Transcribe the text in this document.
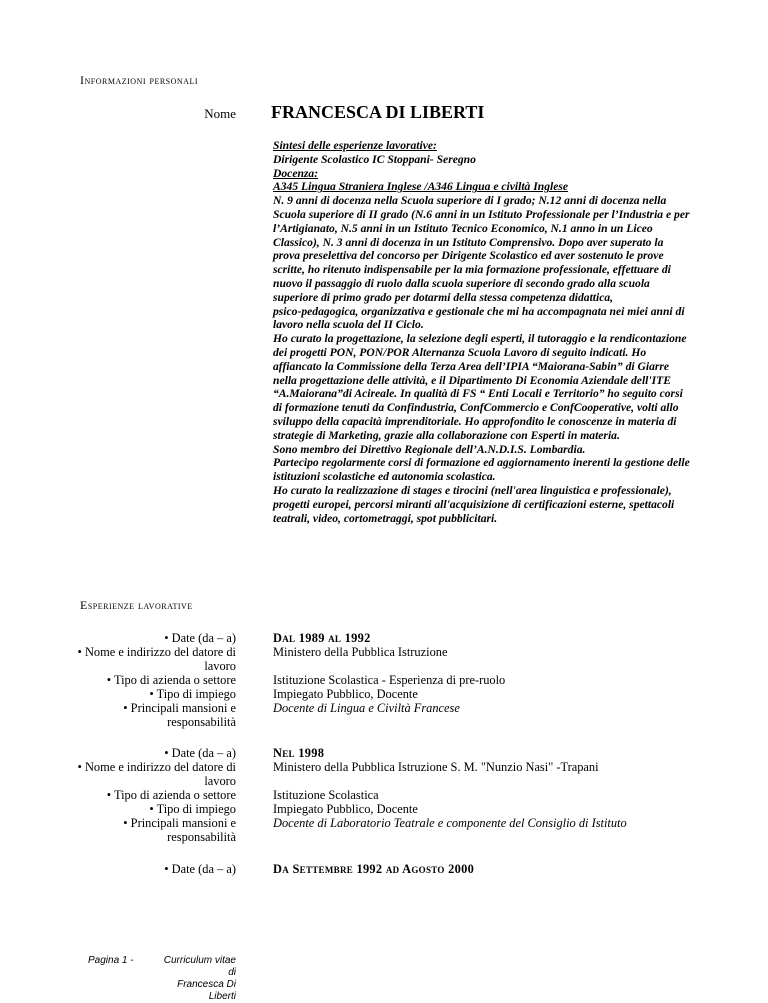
Informazioni personali
Nome FRANCESCA DI LIBERTI
Sintesi delle esperienze lavorative:
Dirigente Scolastico IC Stoppani- Seregno
Docenza:
A345 Lingua Straniera Inglese /A346 Lingua e civiltà Inglese
N. 9 anni di docenza nella Scuola superiore di I grado; N.12 anni di docenza nella
Scuola superiore di II grado (N.6 anni in un Istituto Professionale per l’Industria e per
l’Artigianato, N.5 anni in un Istituto Tecnico Economico, N.1 anno in un Liceo
Classico), N. 3 anni di docenza in un Istituto Comprensivo. Dopo aver superato la
prova preselettiva del concorso per Dirigente Scolastico ed aver sostenuto le prove
scritte, ho ritenuto indispensabile per la mia formazione professionale, effettuare di
nuovo il passaggio di ruolo dalla scuola superiore di secondo grado alla scuola
superiore di primo grado per dotarmi della stessa competenza didattica,
psico-pedagogica, organizzativa e gestionale che mi ha accompagnata nei miei anni di
lavoro nella scuola del II Ciclo.
Ho curato la progettazione, la selezione degli esperti, il tutoraggio e la rendicontazione
dei progetti PON, PON/POR Alternanza Scuola Lavoro di seguito indicati. Ho
affiancato la Commissione della Terza Area dell’IPIA “Maiorana-Sabin” di Giarre
nella progettazione delle attività, e il Dipartimento Di Economia Aziendale dell'ITE
“A.Maiorana”di Acireale. In qualità di FS “ Enti Locali e Territorio” ho seguito corsi
di formazione tenuti da Confindustria, ConfCommercio e ConfCooperative, volti allo
sviluppo della capacità imprenditoriale. Ho approfondito le conoscenze in materia di
strategie di Marketing, grazie alla collaborazione con Esperti in materia.
Sono membro dei Direttivo Regionale dell’A.N.D.I.S. Lombardia.
Partecipo regolarmente corsi di formazione ed aggiornamento inerenti la gestione delle
istituzioni scolastiche ed autonomia scolastica.
Ho curato la realizzazione di stages e tirocini (nell'area linguistica e professionale),
progetti europei, percorsi miranti all'acquisizione di certificazioni esterne, spettacoli
teatrali, video, cortometraggi, spot pubblicitari.
Esperienze lavorative
• Date (da – a)
• Nome e indirizzo del datore di
lavoro
• Tipo di azienda o settore
• Tipo di impiego
• Principali mansioni e
responsabilità
Dal 1989 al 1992
Ministero della Pubblica Istruzione
Istituzione Scolastica - Esperienza di pre-ruolo
Impiegato Pubblico, Docente
Docente di Lingua e Civiltà Francese
• Date (da – a)
• Nome e indirizzo del datore di
lavoro
• Tipo di azienda o settore
• Tipo di impiego
• Principali mansioni e
responsabilità
Nel 1998
Ministero della Pubblica Istruzione S. M. "Nunzio Nasi" -Trapani
Istituzione Scolastica
Impiegato Pubblico, Docente
Docente di Laboratorio Teatrale e componente del Consiglio di Istituto
• Date (da – a)	Da Settembre 1992 ad Agosto 2000
Pagina 1 -	Curriculum vitae di
Francesca Di Liberti
